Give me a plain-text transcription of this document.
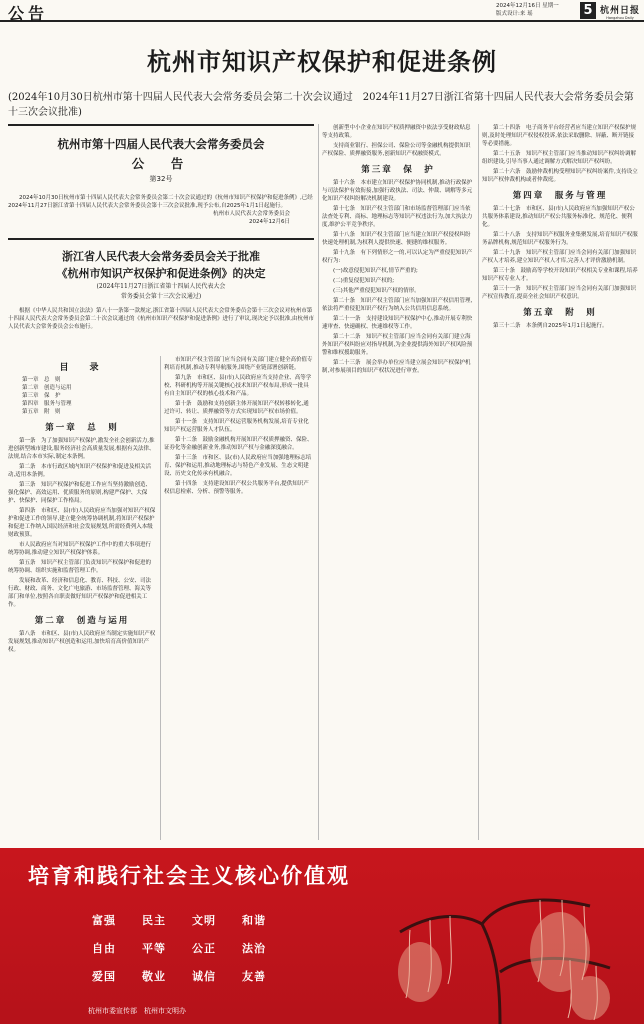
公告	2024年12月16日 星期一
版式设计:来 瑶	5 杭州日报
Hangzhou Daily
杭州市知识产权保护和促进条例
(2024年10月30日杭州市第十四届人民代表大会常务委员会第二十次会议通过　2024年11月27日浙江省第十四届人民代表大会常务委员会第十三次会议批准)
杭州市第十四届人民代表大会常务委员会
公　告
第32号
2024年10月30日杭州市第十四届人民代表大会常务委员会第二十次会议通过的《杭州市知识产权保护和促进条例》,已经2024年11月27日浙江省第十四届人民代表大会常务委员会第十三次会议批准,现予公布,自2025年1月1日起施行。
杭州市人民代表大会常务委员会
2024年12月6日
浙江省人民代表大会常务委员会关于批准
《杭州市知识产权保护和促进条例》的决定
(2024年11月27日浙江省第十四届人民代表大会
常务委员会第十三次会议通过)
根据《中华人民共和国立法法》第八十一条第一款规定,浙江省第十四届人民代表大会常务委员会第十三次会议对杭州市第十四届人民代表大会常务委员会第二十次会议通过的《杭州市知识产权保护和促进条例》进行了审议,现决定予以批准,由杭州市人民代表大会常务委员会公布施行。
目　录
第一章　总　则
第二章　创造与运用
第三章　保　护
第四章　服务与管理
第五章　附　则
第一章　总　则

第一条　为了加强知识产权保护,激发全社会创新活力,推进创新型城市建设,服务经济社会高质量发展,根据有关法律、法规,结合本市实际,制定本条例。

第二条　本市行政区域内知识产权保护和促进及相关活动,适用本条例。

第三条　知识产权保护和促进工作应当坚持激励创造、强化保护、高效运用、优质服务的原则,构建严保护、大保护、快保护、同保护工作格局。

第四条　市和区、县(市)人民政府应当加强对知识产权保护和促进工作的领导,建立健全统筹协调机制,将知识产权保护和促进工作纳入国民经济和社会发展规划,所需经费列入本级财政预算。

市人民政府应当对知识产权保护工作中的重大事项进行统筹协调,推动建立知识产权保护体系。

第五条　知识产权主管部门负责知识产权保护和促进的统筹协调、组织实施和监督管理工作。

发展和改革、经济和信息化、教育、科技、公安、司法行政、财政、商务、文化广电旅游、市场监督管理、海关等部门和单位,按照各自职责做好知识产权保护和促进相关工作。

第二章　创造与运用

第八条　市和区、县(市)人民政府应当制定实施知识产权发展规划,推动知识产权创造和运用,加快培育高价值知识产权。

市知识产权主管部门应当会同有关部门建立健全高价值专利培育机制,推动专利导航服务,围绕产业链部署创新链。

第九条　市和区、县(市)人民政府应当支持企业、高等学校、科研机构等开展关键核心技术知识产权布局,形成一批具有自主知识产权的核心技术和产品。

第十条　鼓励和支持创新主体开展知识产权转移转化,通过许可、转让、质押融资等方式实现知识产权市场价值。

第十一条　支持知识产权运营服务机构发展,培育专业化知识产权运营服务人才队伍。

第十二条　鼓励金融机构开展知识产权质押融资、保险、证券化等金融创新业务,推动知识产权与金融深度融合。

第十三条　市和区、县(市)人民政府应当加强地理标志培育、保护和运用,推动地理标志与特色产业发展、生态文明建设、历史文化传承有机融合。

第十四条　支持建设知识产权公共服务平台,提供知识产权信息检索、分析、预警等服务。

创新型中小企业在知识产权质押融资中依法享受财政贴息等支持政策。

支持商业银行、担保公司、保险公司等金融机构提供知识产权保险、质押融资服务,创新知识产权融资模式。

第三章　保　护

第十六条　本市建立知识产权保护协同机制,推动行政保护与司法保护有效衔接,加强行政执法、司法、仲裁、调解等多元化知识产权纠纷解决机制建设。

第十七条　知识产权主管部门和市场监督管理部门应当依法查处专利、商标、地理标志等知识产权违法行为,加大执法力度,维护公平竞争秩序。

第十八条　知识产权主管部门应当建立知识产权侵权纠纷快速处理机制,为权利人提供快速、便捷的维权服务。

第十九条　有下列情形之一的,可以认定为严重侵犯知识产权行为:

(一)故意侵犯知识产权,情节严重的;

(二)重复侵犯知识产权的;

(三)其他严重侵犯知识产权的情形。

第二十条　知识产权主管部门应当加强知识产权信用管理,依法将严重侵犯知识产权行为纳入公共信用信息系统。

第二十一条　支持建设知识产权保护中心,推动开展专利快速审查、快速确权、快速维权等工作。

第二十二条　知识产权主管部门应当会同有关部门建立海外知识产权纠纷应对指导机制,为企业提供海外知识产权风险预警和维权援助服务。

第二十三条　展会举办单位应当建立展会知识产权保护机制,对参展项目的知识产权状况进行审查。

第二十四条　电子商务平台经营者应当建立知识产权保护规则,及时处理知识产权侵权投诉,依法采取删除、屏蔽、断开链接等必要措施。

第二十五条　知识产权主管部门应当推动知识产权纠纷调解组织建设,引导当事人通过调解方式解决知识产权纠纷。

第二十六条　鼓励仲裁机构受理知识产权纠纷案件,支持设立知识产权仲裁机构或者仲裁庭。

第四章　服务与管理

第二十七条　市和区、县(市)人民政府应当加强知识产权公共服务体系建设,推动知识产权公共服务标准化、规范化、便利化。

第二十八条　支持知识产权服务业集聚发展,培育知识产权服务品牌机构,规范知识产权服务行为。

第二十九条　知识产权主管部门应当会同有关部门加强知识产权人才培养,建立知识产权人才库,完善人才评价激励机制。

第三十条　鼓励高等学校开设知识产权相关专业和课程,培养知识产权专业人才。

第三十一条　知识产权主管部门应当会同有关部门加强知识产权宣传教育,提高全社会知识产权意识。

第五章　附　则

第三十二条　本条例自2025年1月1日起施行。

培育和践行社会主义核心价值观
富强	民主	文明	和谐
自由	平等	公正	法治
爱国	敬业	诚信	友善
杭州市委宣传部　杭州市文明办
